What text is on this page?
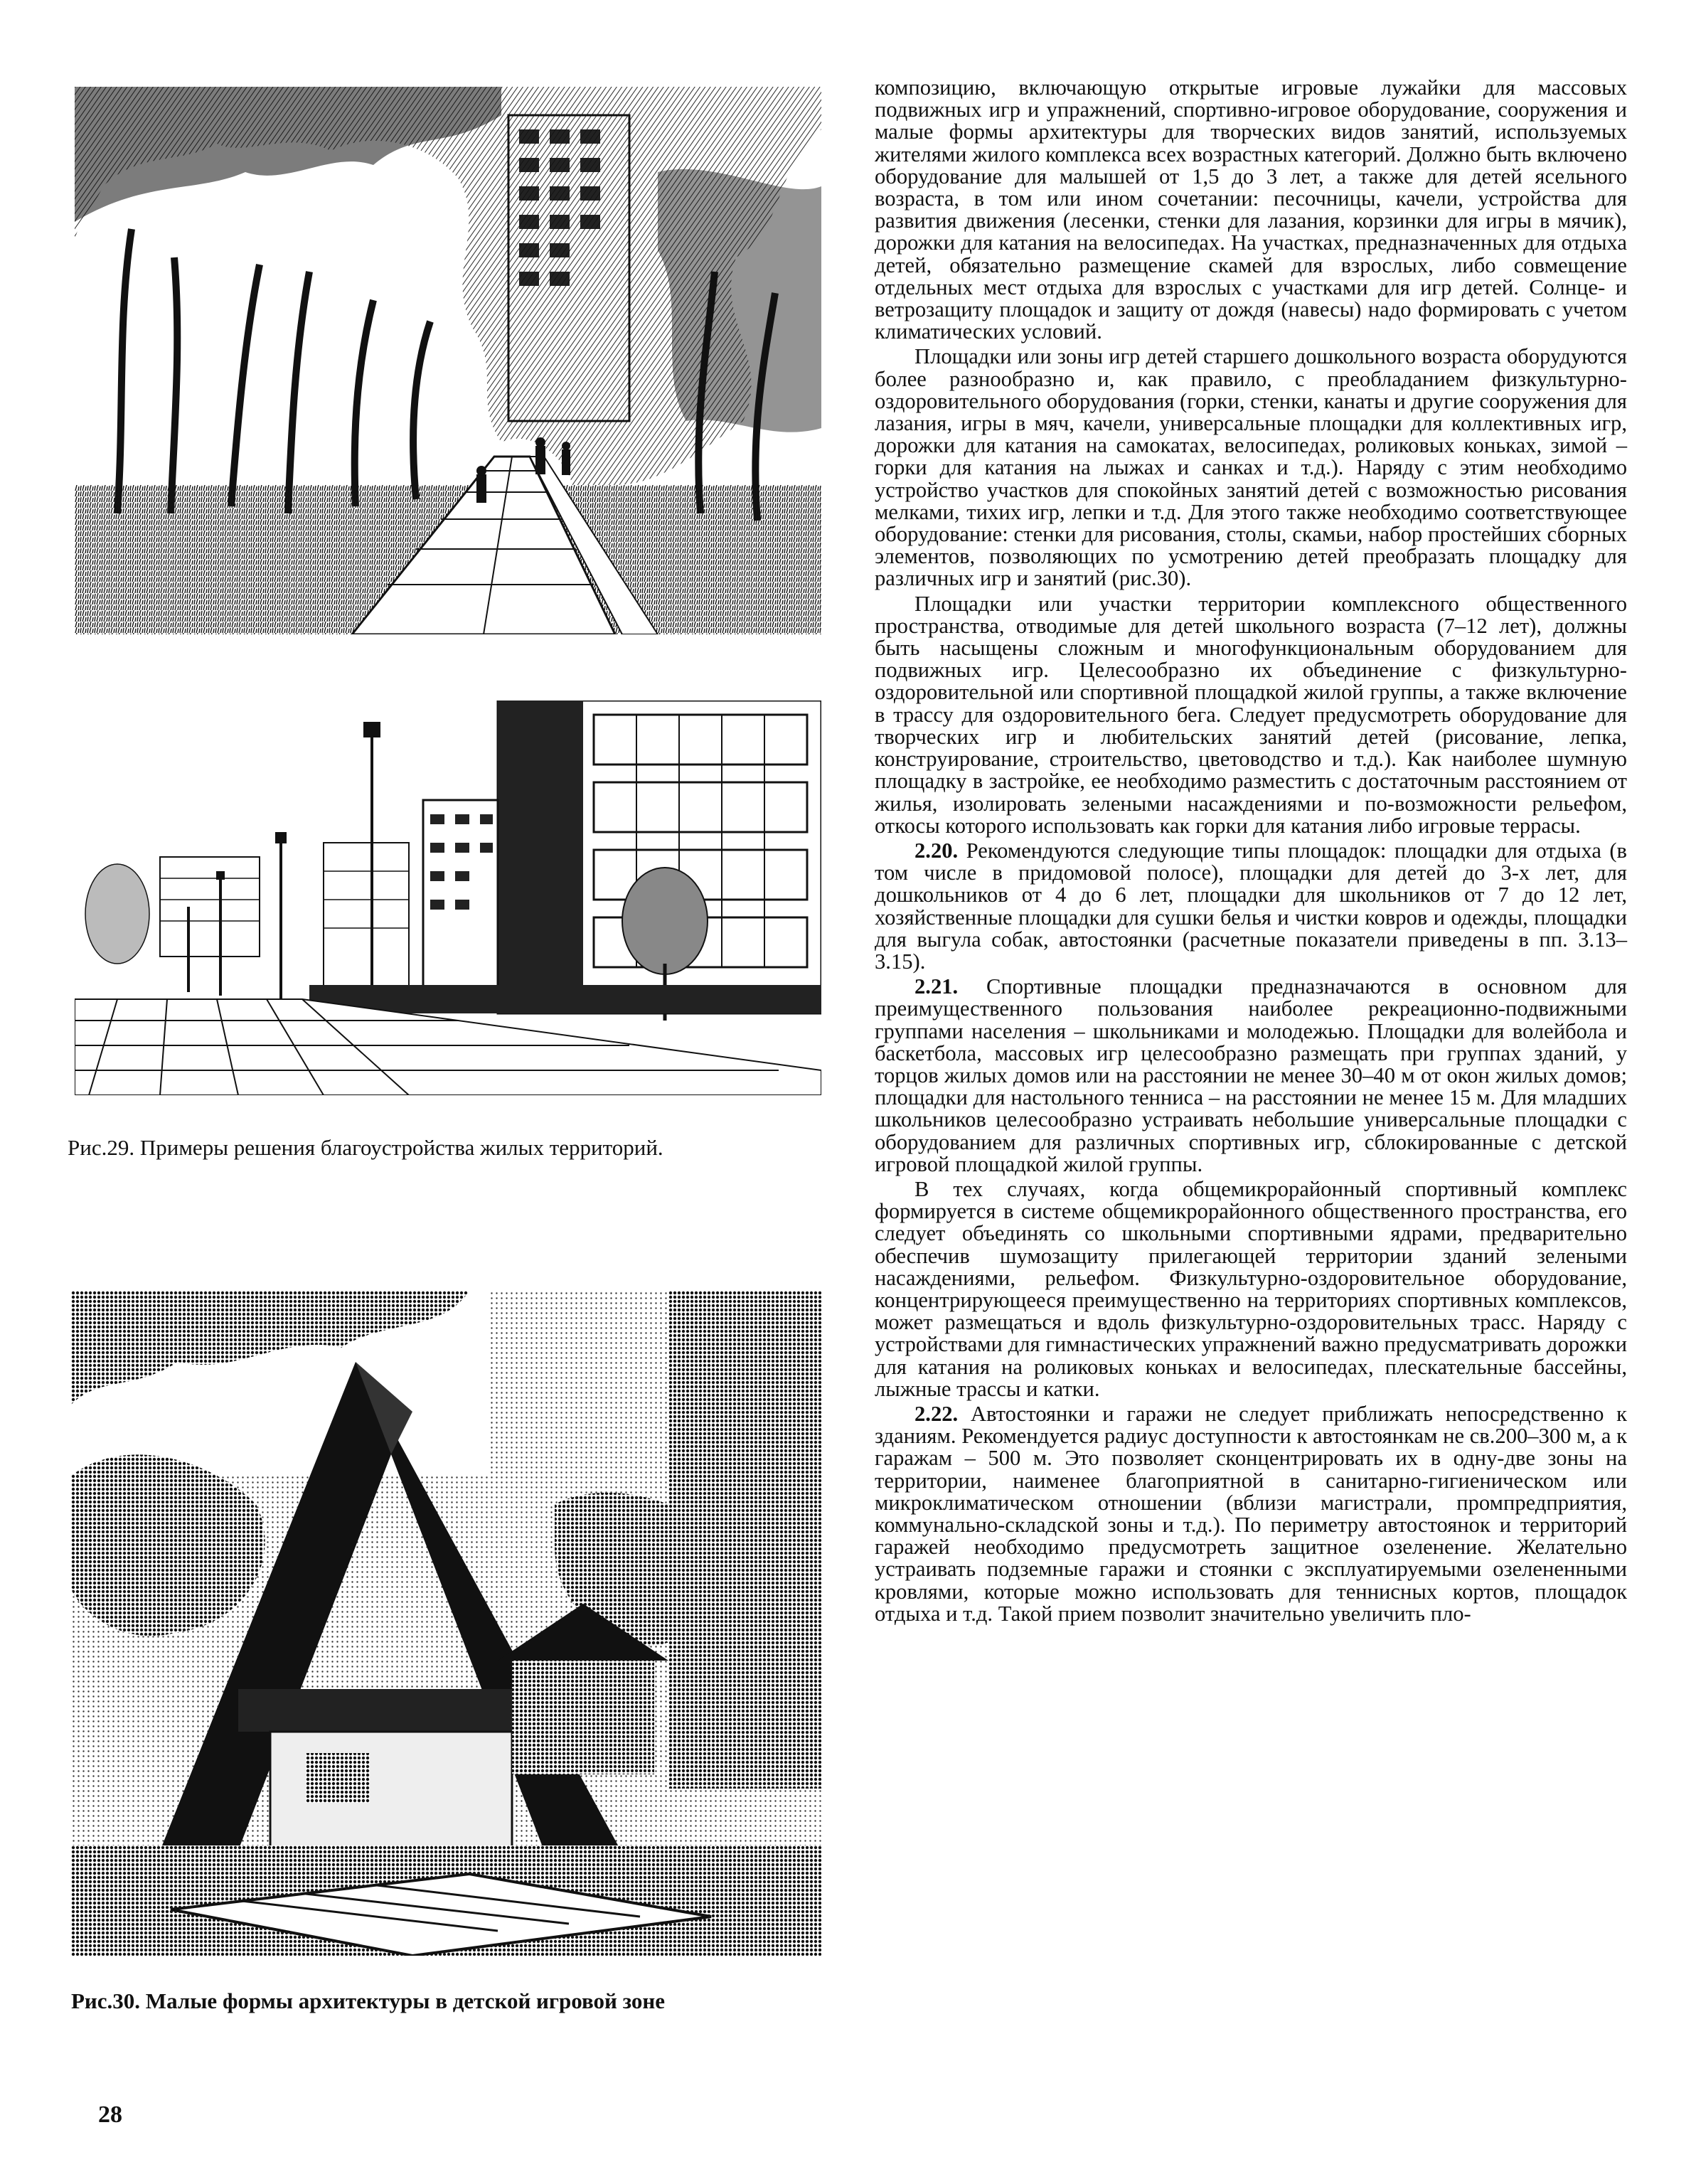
Рис.29. Примеры решения благоустройства жилых территорий.
Рис.30. Малые формы архитектуры в детской игровой зоне

композицию, включающую открытые игровые лужайки для массовых подвижных игр и упражнений, спортивно-игровое оборудование, сооружения и малые формы архитектуры для творческих видов занятий, используемых жителями жилого комплекса всех возрастных категорий. Должно быть включено оборудование для малышей от 1,5 до 3 лет, а также для детей ясельного возраста, в том или ином сочетании: песочницы, качели, устройства для развития движения (лесенки, стенки для лазания, корзинки для игры в мячик), дорожки для катания на велосипедах. На участках, предназначенных для отдыха детей, обязательно размещение скамей для взрослых, либо совмещение отдельных мест отдыха для взрослых с участками для игр детей. Солнце- и ветрозащиту площадок и защиту от дождя (навесы) надо формировать с учетом климатических условий.

Площадки или зоны игр детей старшего дошкольного возраста оборудуются более разнообразно и, как правило, с преобладанием физкультурно-оздоровительного оборудования (горки, стенки, канаты и другие сооружения для лазания, игры в мяч, качели, универсальные площадки для коллективных игр, дорожки для катания на самокатах, велосипедах, роликовых коньках, зимой – горки для катания на лыжах и санках и т.д.). Наряду с этим необходимо устройство участков для спокойных занятий детей с возможностью рисования мелками, тихих игр, лепки и т.д. Для этого также необходимо соответствующее оборудование: стенки для рисования, столы, скамьи, набор простейших сборных элементов, позволяющих по усмотрению детей преобразать площадку для различных игр и занятий (рис.30).

Площадки или участки территории комплексного общественного пространства, отводимые для детей школьного возраста (7–12 лет), должны быть насыщены сложным и многофункциональным оборудованием для подвижных игр. Целесообразно их объединение с физкультурно-оздоровительной или спортивной площадкой жилой группы, а также включение в трассу для оздоровительного бега. Следует предусмотреть оборудование для творческих игр и любительских занятий детей (рисование, лепка, конструирование, строительство, цветоводство и т.д.). Как наиболее шумную площадку в застройке, ее необходимо разместить с достаточным расстоянием от жилья, изолировать зелеными насаждениями и по-возможности рельефом, откосы которого использовать как горки для катания либо игровые террасы.

2.20. Рекомендуются следующие типы площадок: площадки для отдыха (в том числе в придомовой полосе), площадки для детей до 3-х лет, для дошкольников от 4 до 6 лет, площадки для школьников от 7 до 12 лет, хозяйственные площадки для сушки белья и чистки ковров и одежды, площадки для выгула собак, автостоянки (расчетные показатели приведены в пп. 3.13–3.15).

2.21. Спортивные площадки предназначаются в основном для преимущественного пользования наиболее рекреационно-подвижными группами населения – школьниками и молодежью. Площадки для волейбола и баскетбола, массовых игр целесообразно размещать при группах зданий, у торцов жилых домов или на расстоянии не менее 30–40 м от окон жилых домов; площадки для настольного тенниса – на расстоянии не менее 15 м. Для младших школьников целесообразно устраивать небольшие универсальные площадки с оборудованием для различных спортивных игр, сблокированные с детской игровой площадкой жилой группы.

В тех случаях, когда общемикрорайонный спортивный комплекс формируется в системе общемикрорайонного общественного пространства, его следует объединять со школьными спортивными ядрами, предварительно обеспечив шумозащиту прилегающей территории зданий зелеными насаждениями, рельефом. Физкультурно-оздоровительное оборудование, концентрирующееся преимущественно на территориях спортивных комплексов, может размещаться и вдоль физкультурно-оздоровительных трасс. Наряду с устройствами для гимнастических упражнений важно предусматривать дорожки для катания на роликовых коньках и велосипедах, плескательные бассейны, лыжные трассы и катки.

2.22. Автостоянки и гаражи не следует приближать непосредственно к зданиям. Рекомендуется радиус доступности к автостоянкам не св.200–300 м, а к гаражам – 500 м. Это позволяет сконцентрировать их в одну-две зоны на территории, наименее благоприятной в санитарно-гигиеническом или микроклиматическом отношении (вблизи магистрали, промпредприятия, коммунально-складской зоны и т.д.). По периметру автостоянок и территорий гаражей необходимо предусмотреть защитное озеленение. Желательно устраивать подземные гаражи и стоянки с эксплуатируемыми озелененными кровлями, которые можно использовать для теннисных кортов, площадок отдыха и т.д. Такой прием позволит значительно увеличить пло-

28
